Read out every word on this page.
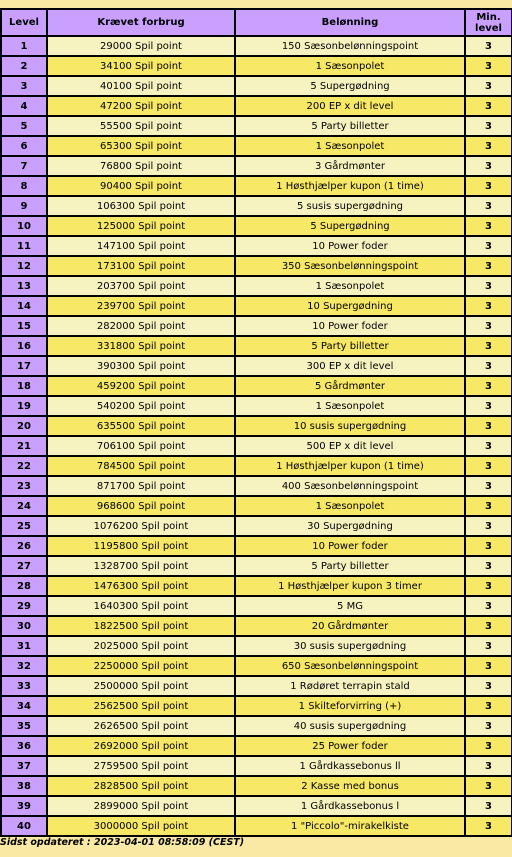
Level	Krævet forbrug	Belønning	Min.
level
1	29000 Spil point	150 Sæsonbelønningspoint	3
2	34100 Spil point	1 Sæsonpolet	3
3	40100 Spil point	5 Supergødning	3
4	47200 Spil point	200 EP x dit level	3
5	55500 Spil point	5 Party billetter	3
6	65300 Spil point	1 Sæsonpolet	3
7	76800 Spil point	3 Gårdmønter	3
8	90400 Spil point	1 Høsthjælper kupon (1 time)	3
9	106300 Spil point	5 susis supergødning	3
10	125000 Spil point	5 Supergødning	3
11	147100 Spil point	10 Power foder	3
12	173100 Spil point	350 Sæsonbelønningspoint	3
13	203700 Spil point	1 Sæsonpolet	3
14	239700 Spil point	10 Supergødning	3
15	282000 Spil point	10 Power foder	3
16	331800 Spil point	5 Party billetter	3
17	390300 Spil point	300 EP x dit level	3
18	459200 Spil point	5 Gårdmønter	3
19	540200 Spil point	1 Sæsonpolet	3
20	635500 Spil point	10 susis supergødning	3
21	706100 Spil point	500 EP x dit level	3
22	784500 Spil point	1 Høsthjælper kupon (1 time)	3
23	871700 Spil point	400 Sæsonbelønningspoint	3
24	968600 Spil point	1 Sæsonpolet	3
25	1076200 Spil point	30 Supergødning	3
26	1195800 Spil point	10 Power foder	3
27	1328700 Spil point	5 Party billetter	3
28	1476300 Spil point	1 Høsthjælper kupon 3 timer	3
29	1640300 Spil point	5 MG	3
30	1822500 Spil point	20 Gårdmønter	3
31	2025000 Spil point	30 susis supergødning	3
32	2250000 Spil point	650 Sæsonbelønningspoint	3
33	2500000 Spil point	1 Rødøret terrapin stald	3
34	2562500 Spil point	1 Skilteforvirring (+)	3
35	2626500 Spil point	40 susis supergødning	3
36	2692000 Spil point	25 Power foder	3
37	2759500 Spil point	1 Gårdkassebonus ll	3
38	2828500 Spil point	2 Kasse med bonus	3
39	2899000 Spil point	1 Gårdkassebonus l	3
40	3000000 Spil point	1 "Piccolo"-mirakelkiste	3
Sidst opdateret : 2023-04-01 08:58:09 (CEST)
